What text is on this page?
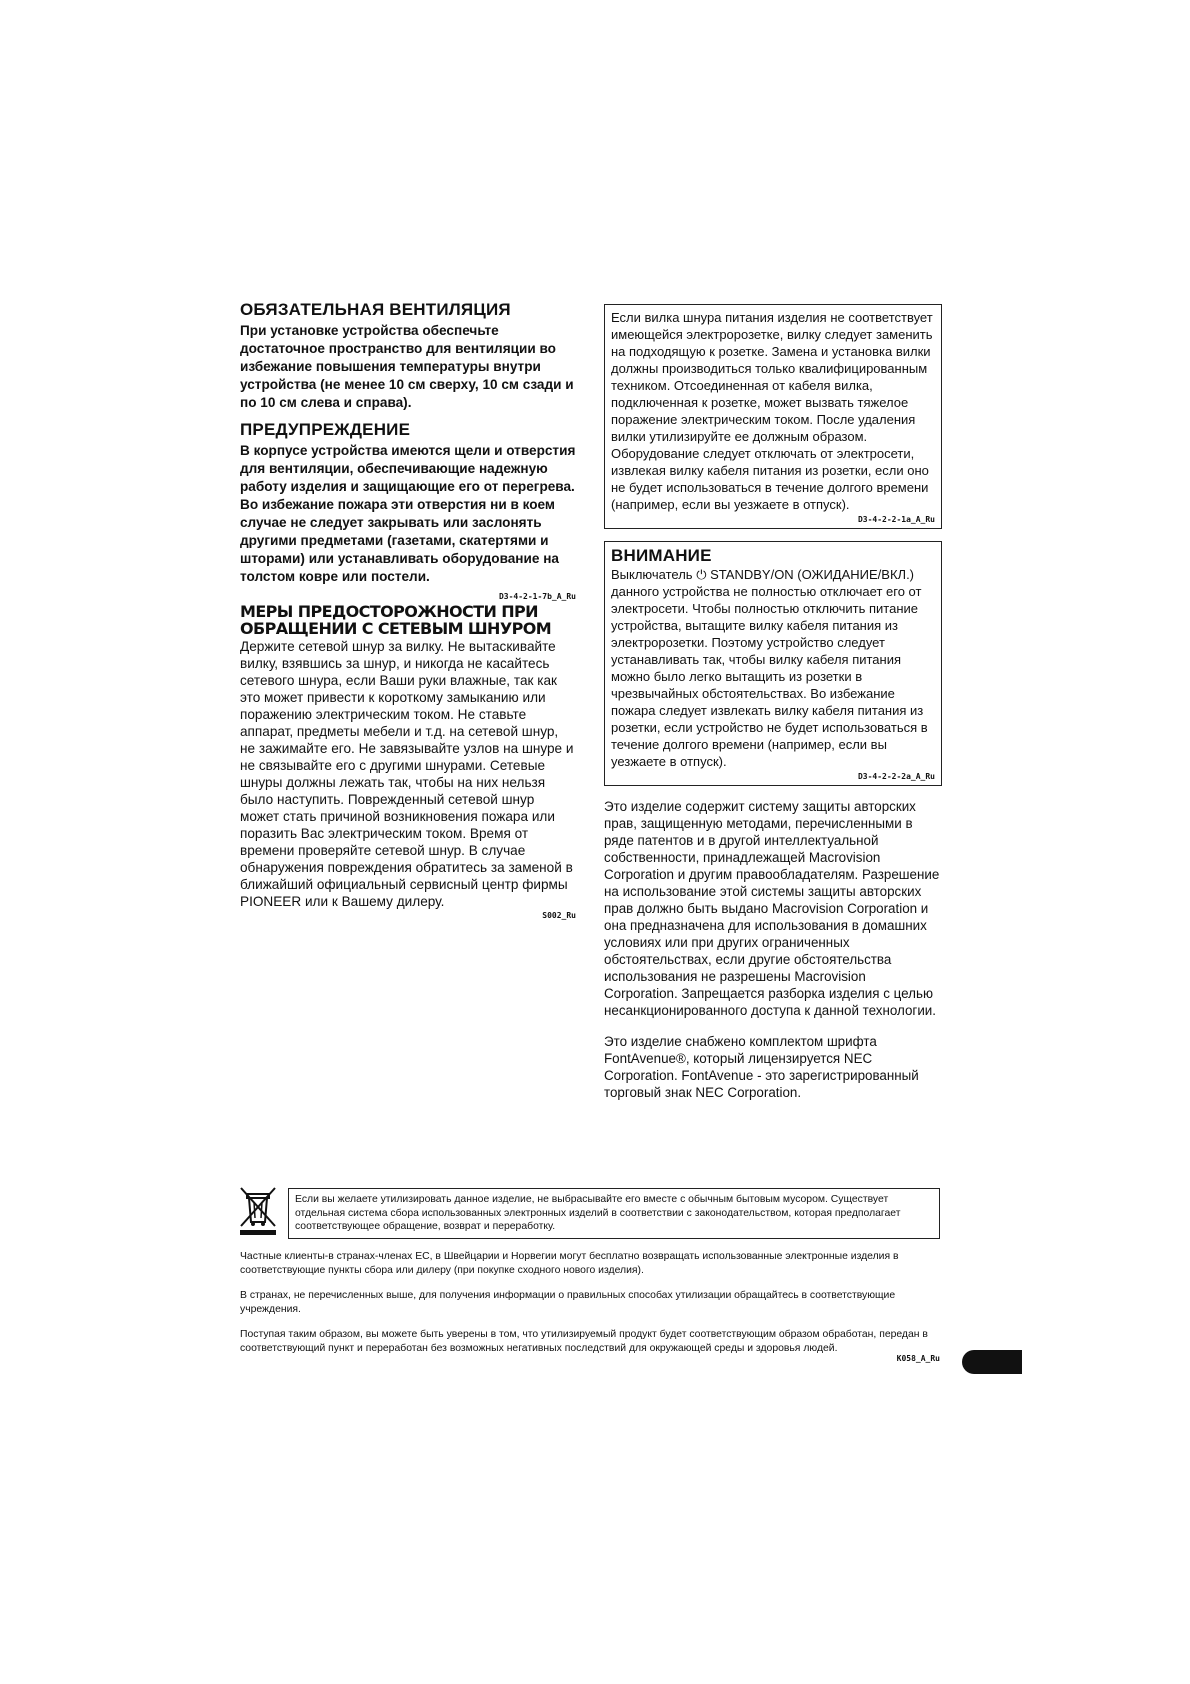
ОБЯЗАТЕЛЬНАЯ ВЕНТИЛЯЦИЯ

При установке устройства обеспечьте достаточное пространство для вентиляции во избежание повышения температуры внутри устройства (не менее 10 см сверху, 10 см сзади и по 10 см слева и справа).

ПРЕДУПРЕЖДЕНИЕ

В корпусе устройства имеются щели и отверстия для вентиляции, обеспечивающие надежную работу изделия и защищающие его от перегрева. Во избежание пожара эти отверстия ни в коем случае не следует закрывать или заслонять другими предметами (газетами, скатертями и шторами) или устанавливать оборудование на толстом ковре или постели.

D3-4-2-1-7b_A_Ru

МЕРЫ ПРЕДОСТОРОЖНОСТИ ПРИ

ОБРАЩЕНИИ С СЕТЕВЫМ ШНУРОМ

Держите сетевой шнур за вилку. Не вытаскивайте вилку, взявшись за шнур, и никогда не касайтесь сетевого шнура, если Ваши руки влажные, так как это может привести к короткому замыканию или поражению электрическим током. Не ставьте аппарат, предметы мебели и т.д. на сетевой шнур, не зажимайте его. Не завязывайте узлов на шнуре и не связывайте его с другими шнурами. Сетевые шнуры должны лежать так, чтобы на них нельзя было наступить. Поврежденный сетевой шнур может стать причиной возникновения пожара или поразить Вас электрическим током. Время от времени проверяйте сетевой шнур. В случае обнаружения повреждения обратитесь за заменой в ближайший официальный сервисный центр фирмы PIONEER или к Вашему дилеру.

S002_Ru

Если вилка шнура питания изделия не соответствует имеющейся электророзетке, вилку следует заменить на подходящую к розетке. Замена и установка вилки должны производиться только квалифицированным техником. Отсоединенная от кабеля вилка, подключенная к розетке, может вызвать тяжелое поражение электрическим током. После удаления вилки утилизируйте ее должным образом. Оборудование следует отключать от электросети, извлекая вилку кабеля питания из розетки, если оно не будет использоваться в течение долгого времени (например, если вы уезжаете в отпуск).

D3-4-2-2-1a_A_Ru
ВНИМАНИЕ

Выключатель ⏻ STANDBY/ON (ОЖИДАНИЕ/ВКЛ.) данного устройства не полностью отключает его от электросети. Чтобы полностью отключить питание устройства, вытащите вилку кабеля питания из электророзетки. Поэтому устройство следует устанавливать так, чтобы вилку кабеля питания можно было легко вытащить из розетки в чрезвычайных обстоятельствах. Во избежание пожара следует извлекать вилку кабеля питания из розетки, если устройство не будет использоваться в течение долгого времени (например, если вы уезжаете в отпуск).

D3-4-2-2-2a_A_Ru

Это изделие содержит систему защиты авторских прав, защищенную методами, перечисленными в ряде патентов и в другой интеллектуальной собственности, принадлежащей Macrovision Corporation и другим правообладателям. Разрешение на использование этой системы защиты авторских прав должно быть выдано Macrovision Corporation и она предназначена для использования в домашних условиях или при других ограниченных обстоятельствах, если другие обстоятельства использования не разрешены Macrovision Corporation. Запрещается разборка изделия с целью несанкционированного доступа к данной технологии.

Это изделие снабжено комплектом шрифта FontAvenue®, который лицензируется NEC Corporation. FontAvenue - это зарегистрированный торговый знак NEC Corporation.

Если вы желаете утилизировать данное изделие, не выбрасывайте его вместе с обычным бытовым мусором. Существует отдельная система сбора использованных электронных изделий в соответствии с законодательством, которая предполагает соответствующее обращение, возврат и переработку.

Частные клиенты-в странах-членах ЕС, в Швейцарии и Норвегии могут бесплатно возвращать использованные электронные изделия в соответствующие пункты сбора или дилеру (при покупке сходного нового изделия).

В странах, не перечисленных выше, для получения информации о правильных способах утилизации обращайтесь в соответствующие учреждения.

Поступая таким образом, вы можете быть уверены в том, что утилизируемый продукт будет соответствующим образом обработан, передан в соответствующий пункт и переработан без возможных негативных последствий для окружающей среды и здоровья людей.

K058_A_Ru
